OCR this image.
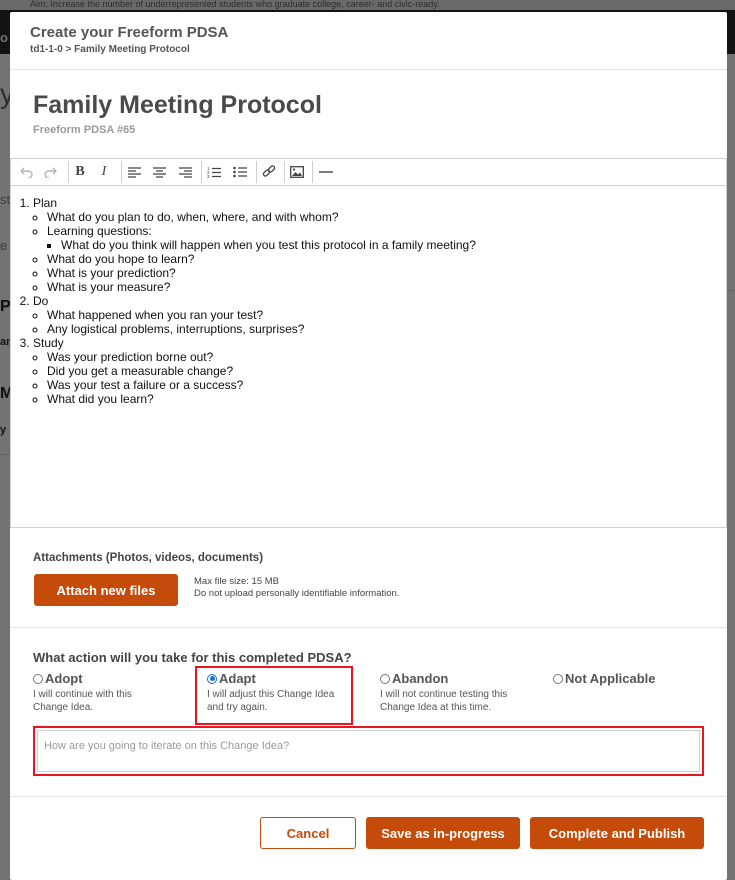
Create your Freeform PDSA
td1-1-0 > Family Meeting Protocol
Family Meeting Protocol
Freeform PDSA #65
B	I	1
2
3
1. Plan
◦ What do you plan to do, when, where, and with whom?
◦ Learning questions:
▪ What do you think will happen when you test this protocol in a family meeting?
◦ What do you hope to learn?
◦ What is your prediction?
◦ What is your measure?
2. Do
◦ What happened when you ran your test?
◦ Any logistical problems, interruptions, surprises?
3. Study
◦ Was your prediction borne out?
◦ Did you get a measurable change?
◦ Was your test a failure or a success?
◦ What did you learn?
Attachments (Photos, videos, documents)
Attach new files
Max file size: 15 MB
Do not upload personally identifiable information.
What action will you take for this completed PDSA?
Adopt
I will continue with this Change Idea.
Adapt
I will adjust this Change Idea and try again.
Abandon
I will not continue testing this Change Idea at this time.
Not Applicable
How are you going to iterate on this Change Idea?
Cancel	Save as in-progress	Complete and Publish
